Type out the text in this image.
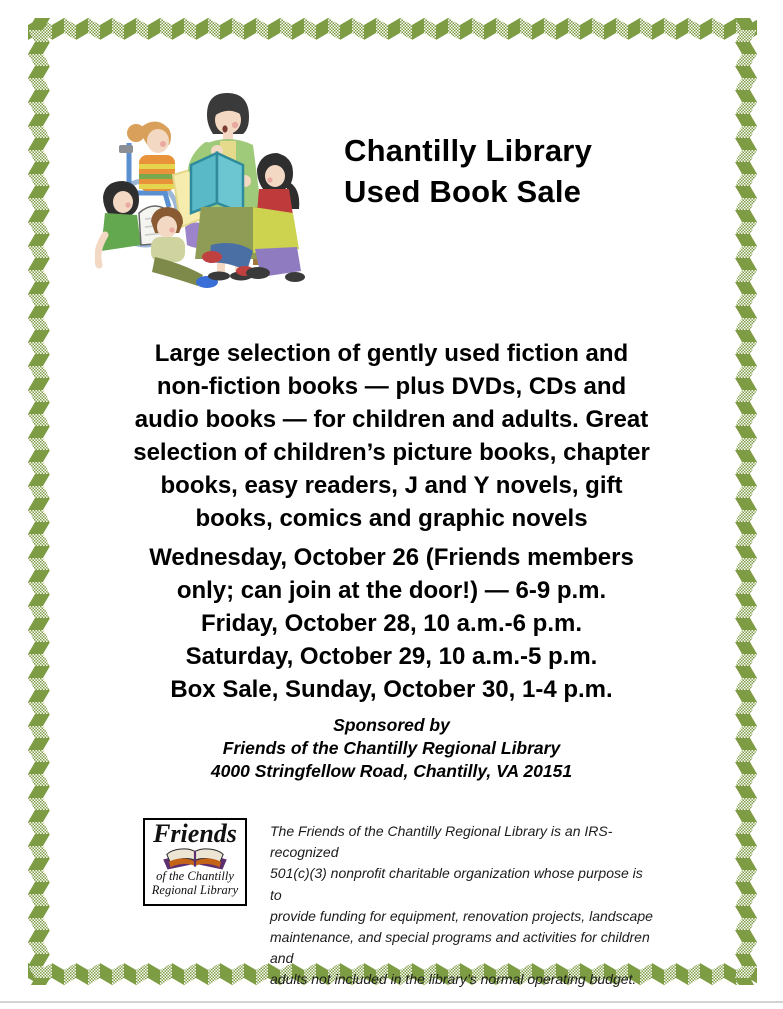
Chantilly Library
Used Book Sale
Large selection of gently used fiction and
non-fiction books — plus DVDs, CDs and
audio books — for children and adults. Great
selection of children’s picture books, chapter
books, easy readers, J and Y novels, gift
books, comics and graphic novels
Wednesday, October 26 (Friends members
only; can join at the door!) — 6-9 p.m.
Friday, October 28, 10 a.m.-6 p.m.
Saturday, October 29, 10 a.m.-5 p.m.
Box Sale, Sunday, October 30, 1-4 p.m.
Sponsored by
Friends of the Chantilly Regional Library
4000 Stringfellow Road, Chantilly, VA 20151
Friends
of the Chantilly
Regional Library
The Friends of the Chantilly Regional Library is an IRS-recognized
501(c)(3) nonprofit charitable organization whose purpose is to
provide funding for equipment, renovation projects, landscape
maintenance, and special programs and activities for children and
adults not included in the library’s normal operating budget.
